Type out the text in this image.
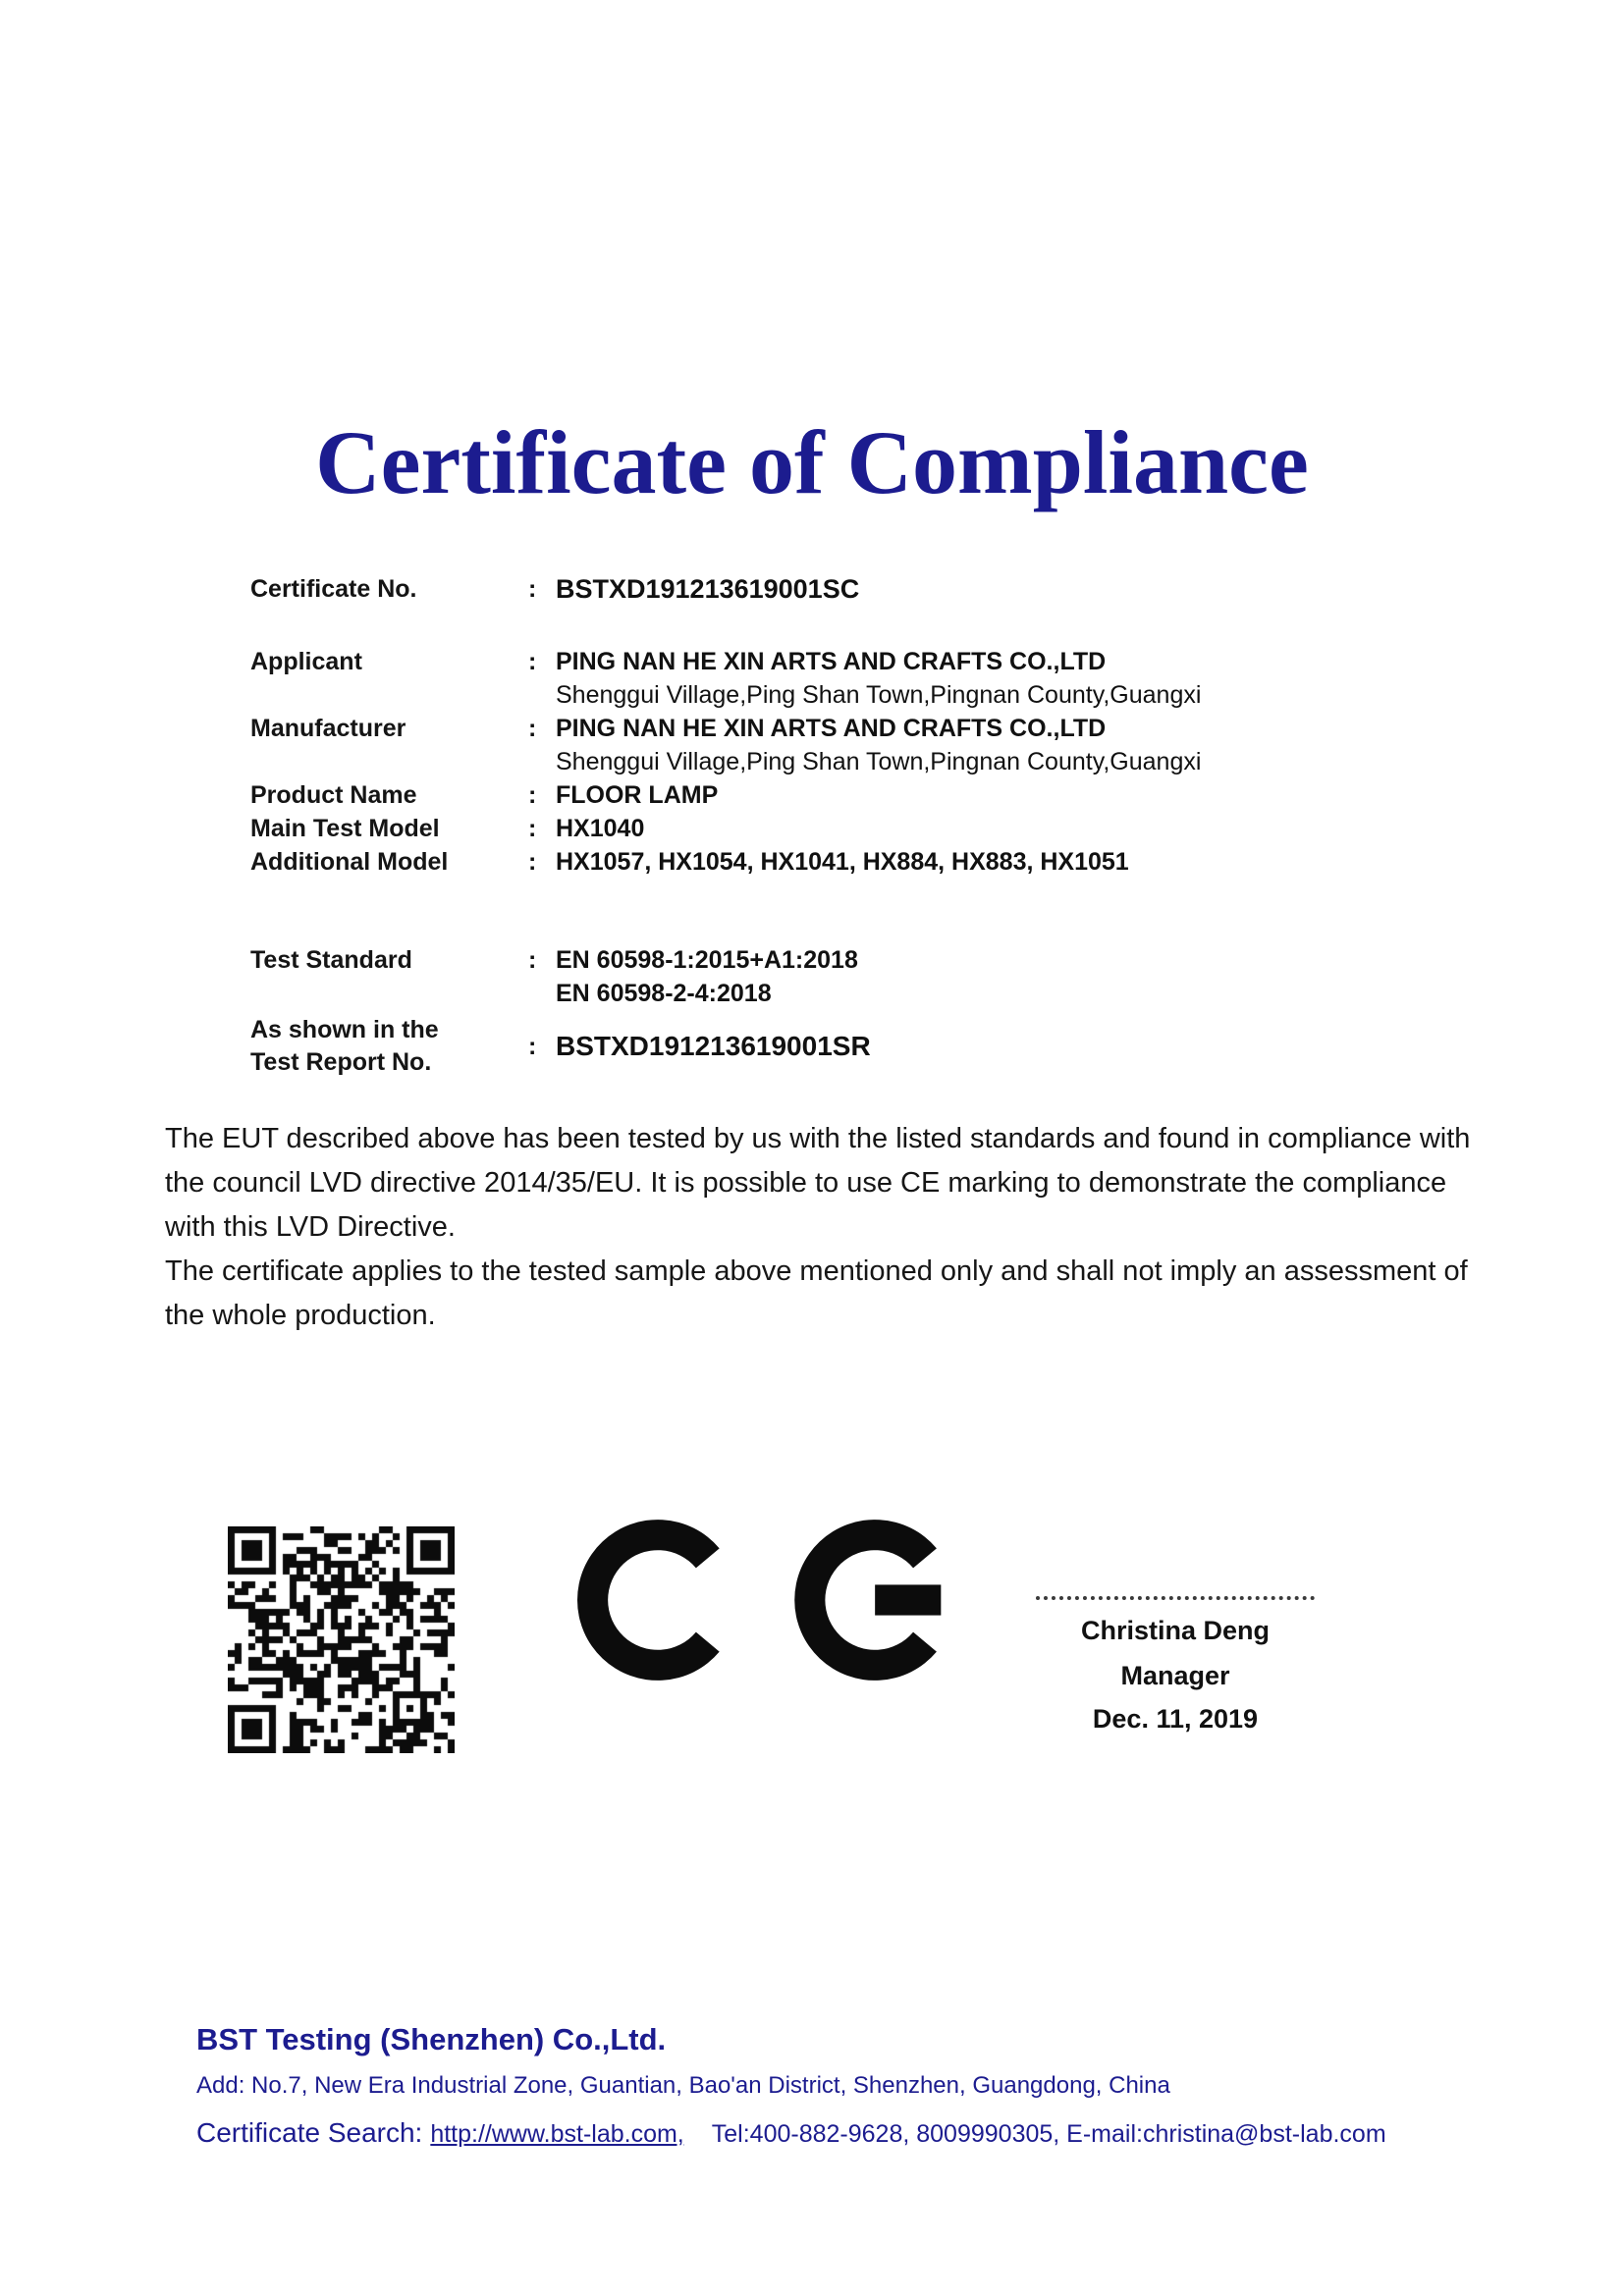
Certificate of Compliance
Certificate No.	: BSTXD191213619001SC
Applicant	: PING NAN HE XIN ARTS AND CRAFTS CO.,LTD
Shenggui Village,Ping Shan Town,Pingnan County,Guangxi
Manufacturer	: PING NAN HE XIN ARTS AND CRAFTS CO.,LTD
Shenggui Village,Ping Shan Town,Pingnan County,Guangxi
Product Name	: FLOOR LAMP
Main Test Model	: HX1040
Additional Model	: HX1057, HX1054, HX1041, HX884, HX883, HX1051
Test Standard	: EN 60598-1:2015+A1:2018
EN 60598-2-4:2018
As shown in the Test Report No.
: BSTXD191213619001SR
The EUT described above has been tested by us with the listed standards and found in compliance with the council LVD directive 2014/35/EU. It is possible to use CE marking to demonstrate the compliance with this LVD Directive.
The certificate applies to the tested sample above mentioned only and shall not imply an assessment of the whole production.
Christina Deng
Manager
Dec. 11, 2019
BST Testing (Shenzhen) Co.,Ltd.
Add: No.7, New Era Industrial Zone, Guantian, Bao'an District, Shenzhen, Guangdong, China
Certificate Search: http://www.bst-lab.com, Tel:400-882-9628, 8009990305, E-mail:christina@bst-lab.com
